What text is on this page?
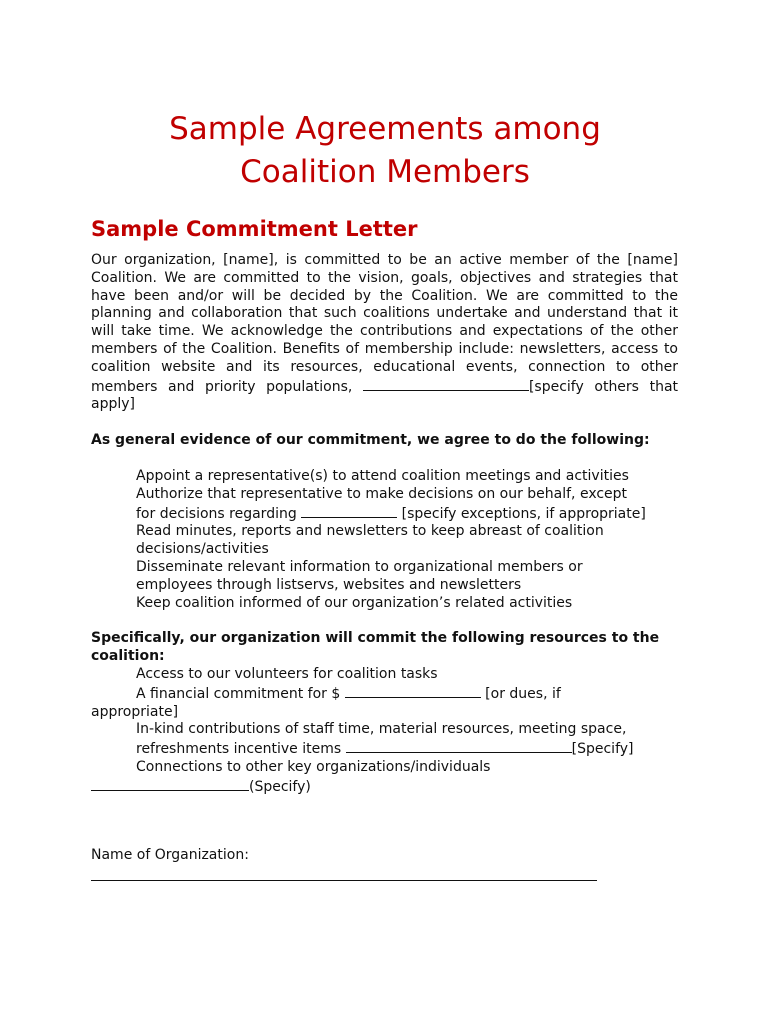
Sample Agreements among
Coalition Members
Sample Commitment Letter

Our organization, [name], is committed to be an active member of the [name] Coalition. We are committed to the vision, goals, objectives and strategies that have been and/or will be decided by the Coalition. We are committed to the planning and collaboration that such coalitions undertake and understand that it will take time. We acknowledge the contributions and expectations of the other members of the Coalition. Benefits of membership include: newsletters, access to coalition website and its resources, educational events, connection to other members and priority populations,	[specify others that apply]

As general evidence of our commitment, we agree to do the following:

Appoint a representative(s) to attend coalition meetings and activities
Authorize that representative to make decisions on our behalf, except
for decisions regarding	[specify exceptions, if appropriate]
Read minutes, reports and newsletters to keep abreast of coalition
decisions/activities
Disseminate relevant information to organizational members or
employees through listservs, websites and newsletters
Keep coalition informed of our organization’s related activities

Specifically, our organization will commit the following resources to the coalition:

Access to our volunteers for coalition tasks
A financial commitment for $	[or dues, if
appropriate]
In-kind contributions of staff time, material resources, meeting space,
refreshments incentive items	[Specify]
Connections to other key organizations/individuals
(Specify)

Name of Organization:
